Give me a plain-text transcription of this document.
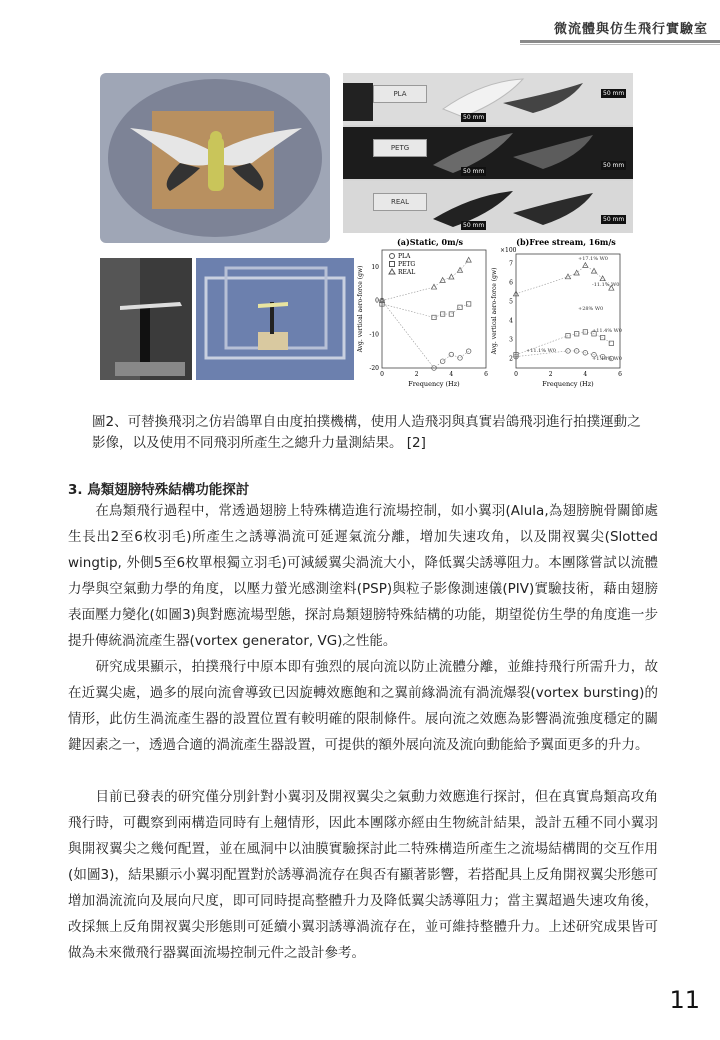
微流體與仿生飛行實驗室
PLA
50 mm
50 mm
PETG
50 mm
50 mm
REAL
50 mm
50 mm
(a)Static, 0m/s
0	2	4	6
-20
-10
0
10
Frequency (Hz)
Avg. vertical aero-force (gw)
PLA
PETG
REAL
(b)Free stream, 16m/s
×100
0	2	4	6
2
3
4
5
6
7
Frequency (Hz)
Avg. vertical aero-force (gw)
+17.1% W0
-11.1% W0
+28% W0
+11.4% W0
+11.1% W0
+1.18% W0
圖2、可替換飛羽之仿岩鴿單自由度拍撲機構，使用人造飛羽與真實岩鴿飛羽進行拍撲運動之影像，以及使用不同飛羽所產生之總升力量測結果。 [2]
3. 鳥類翅膀特殊結構功能探討
　　在鳥類飛行過程中，常透過翅膀上特殊構造進行流場控制，如小翼羽(Alula,為翅膀腕骨關節處生長出2至6枚羽毛)所產生之誘導渦流可延遲氣流分離，增加失速攻角，以及開衩翼尖(Slotted wingtip, 外側5至6枚單根獨立羽毛)可減緩翼尖渦流大小，降低翼尖誘導阻力。本團隊嘗試以流體力學與空氣動力學的角度，以壓力螢光感測塗料(PSP)與粒子影像測速儀(PIV)實驗技術，藉由翅膀表面壓力變化(如圖3)與對應流場型態，探討鳥類翅膀特殊結構的功能，期望從仿生學的角度進一步提升傳統渦流產生器(vortex generator, VG)之性能。
　　研究成果顯示，拍撲飛行中原本即有強烈的展向流以防止流體分離，並維持飛行所需升力，故在近翼尖處，過多的展向流會導致已因旋轉效應飽和之翼前緣渦流有渦流爆裂(vortex bursting)的情形，此仿生渦流產生器的設置位置有較明確的限制條件。展向流之效應為影響渦流強度穩定的關鍵因素之一，透過合適的渦流產生器設置，可提供的額外展向流及流向動能給予翼面更多的升力。
　　目前已發表的研究僅分別針對小翼羽及開衩翼尖之氣動力效應進行探討，但在真實鳥類高攻角飛行時，可觀察到兩構造同時有上翹情形，因此本團隊亦經由生物統計結果，設計五種不同小翼羽與開衩翼尖之幾何配置，並在風洞中以油膜實驗探討此二特殊構造所產生之流場結構間的交互作用(如圖3)，結果顯示小翼羽配置對於誘導渦流存在與否有顯著影響，若搭配具上反角開衩翼尖形態可增加渦流流向及展向尺度，即可同時提高整體升力及降低翼尖誘導阻力；當主翼超過失速攻角後，改採無上反角開衩翼尖形態則可延續小翼羽誘導渦流存在，並可維持整體升力。上述研究成果皆可做為未來微飛行器翼面流場控制元件之設計參考。
11
